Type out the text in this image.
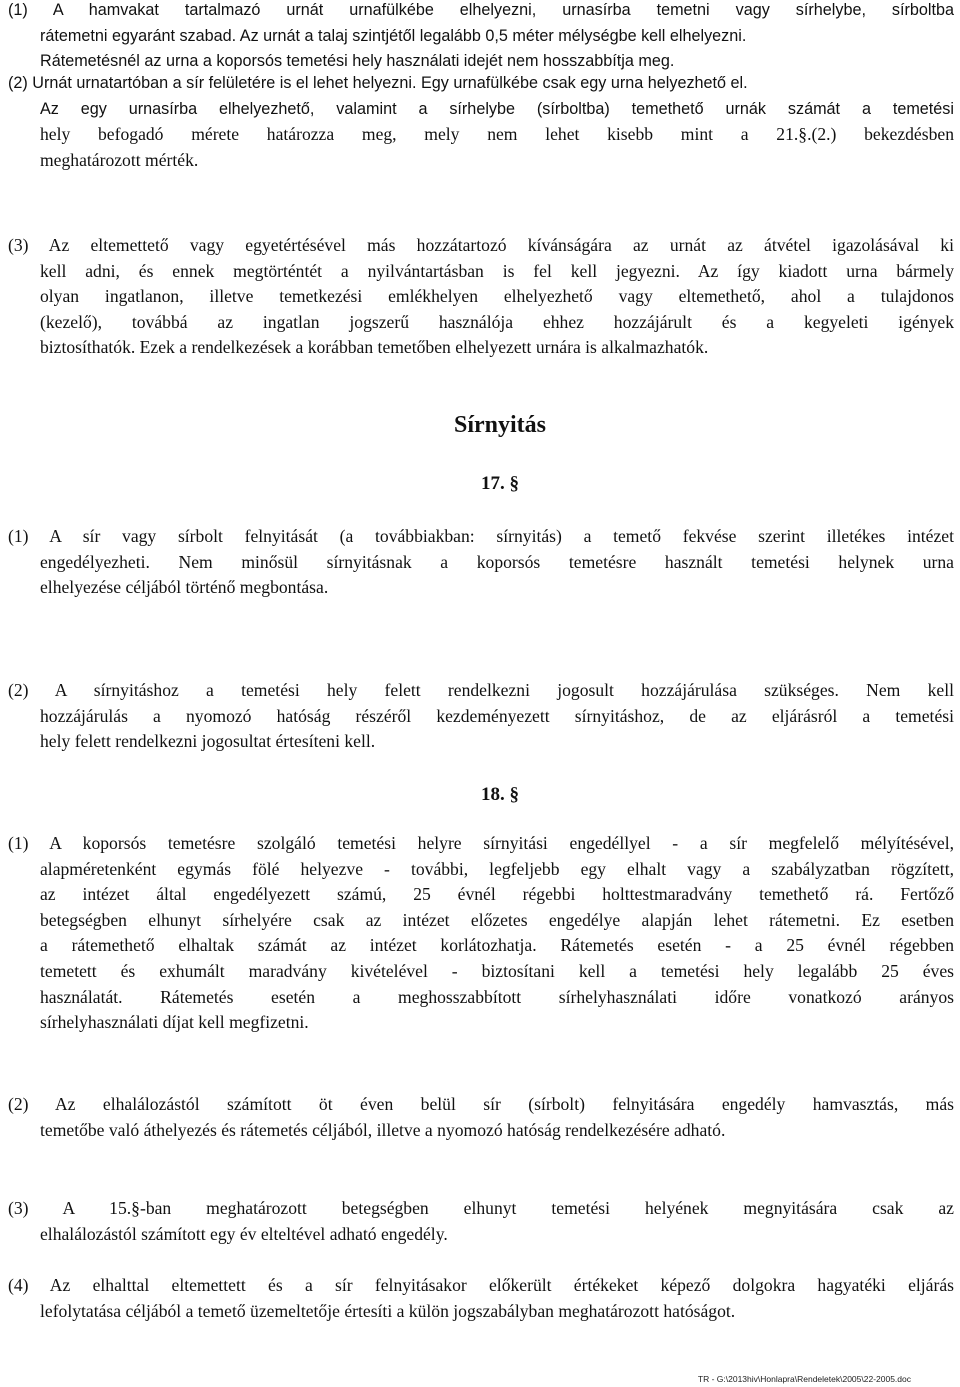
(1) A hamvakat tartalmazó urnát urnafülkébe elhelyezni, urnasírba temetni vagy sírhelybe, sírboltba
rátemetni egyaránt szabad. Az urnát a talaj szintjétől legalább 0,5 méter mélységbe kell elhelyezni.
Rátemetésnél az urna a koporsós temetési hely használati idejét nem hosszabbítja meg.
(2) Urnát urnatartóban a sír felületére is el lehet helyezni. Egy urnafülkébe csak egy urna helyezhető el.
Az egy urnasírba elhelyezhető, valamint a sírhelybe (sírboltba) temethető urnák számát a temetési
hely befogadó mérete határozza meg, mely nem lehet kisebb mint a 21.§.(2.) bekezdésben
meghatározott mérték.
(3) Az eltemettető vagy egyetértésével más hozzátartozó kívánságára az urnát az átvétel igazolásával ki
kell adni, és ennek megtörténtét a nyilvántartásban is fel kell jegyezni. Az így kiadott urna bármely
olyan ingatlanon, illetve temetkezési emlékhelyen elhelyezhető vagy eltemethető, ahol a tulajdonos
(kezelő), továbbá az ingatlan jogszerű használója ehhez hozzájárult és a kegyeleti igények
biztosíthatók. Ezek a rendelkezések a korábban temetőben elhelyezett urnára is alkalmazhatók.
Sírnyitás
17. §
(1) A sír vagy sírbolt felnyitását (a továbbiakban: sírnyitás) a temető fekvése szerint illetékes intézet
engedélyezheti. Nem minősül sírnyitásnak a koporsós temetésre használt temetési helynek urna
elhelyezése céljából történő megbontása.
(2) A sírnyitáshoz a temetési hely felett rendelkezni jogosult hozzájárulása szükséges. Nem kell
hozzájárulás a nyomozó hatóság részéről kezdeményezett sírnyitáshoz, de az eljárásról a temetési
hely felett rendelkezni jogosultat értesíteni kell.
18. §
(1) A koporsós temetésre szolgáló temetési helyre sírnyitási engedéllyel - a sír megfelelő mélyítésével,
alapméretenként egymás fölé helyezve - további, legfeljebb egy elhalt vagy a szabályzatban rögzített,
az intézet által engedélyezett számú, 25 évnél régebbi holttestmaradvány temethető rá. Fertőző
betegségben elhunyt sírhelyére csak az intézet előzetes engedélye alapján lehet rátemetni. Ez esetben
a rátemethető elhaltak számát az intézet korlátozhatja. Rátemetés esetén - a 25 évnél régebben
temetett és exhumált maradvány kivételével - biztosítani kell a temetési hely legalább 25 éves
használatát. Rátemetés esetén a meghosszabbított sírhelyhasználati időre vonatkozó arányos
sírhelyhasználati díjat kell megfizetni.
(2) Az elhalálozástól számított öt éven belül sír (sírbolt) felnyitására engedély hamvasztás, más
temetőbe való áthelyezés és rátemetés céljából, illetve a nyomozó hatóság rendelkezésére adható.
(3) A 15.§-ban meghatározott betegségben elhunyt temetési helyének megnyitására csak az
elhalálozástól számított egy év elteltével adható engedély.
(4) Az elhalttal eltemettett és a sír felnyitásakor előkerült értékeket képező dolgokra hagyatéki eljárás
lefolytatása céljából a temető üzemeltetője értesíti a külön jogszabályban meghatározott hatóságot.
TR - G:\2013hiv\Honlapra\Rendeletek\2005\22-2005.doc
